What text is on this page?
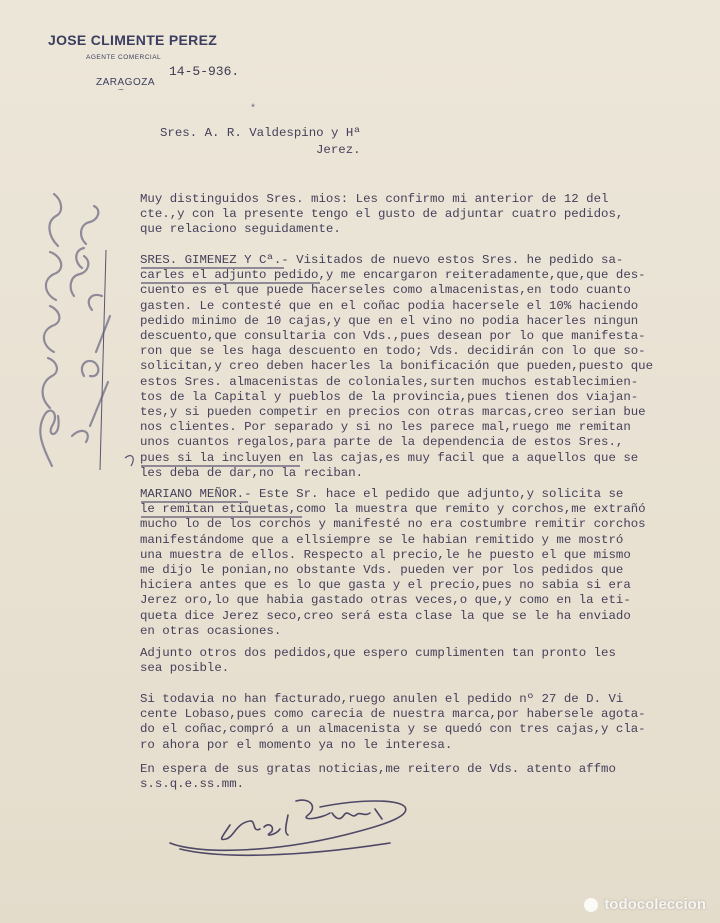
JOSE CLIMENTE PEREZ
AGENTE COMERCIAL
ZARAGOZA
14-5-936.
~
*
Sres. A. R. Valdespino y Hª
Jerez.
Muy distinguidos Sres. mios: Les confirmo mi anterior de 12 del
cte.,y con la presente tengo el gusto de adjuntar cuatro pedidos,
que relaciono seguidamente.
SRES. GIMENEZ Y Cª.- Visitados de nuevo estos Sres. he pedido sa-
carles el adjunto pedido,y me encargaron reiteradamente,que,que des-
cuento es el que puede hacerseles como almacenistas,en todo cuanto
gasten. Le contesté que en el coñac podia hacersele el 10% haciendo
pedido minimo de 10 cajas,y que en el vino no podia hacerles ningun
descuento,que consultaria con Vds.,pues desean por lo que manifesta-
ron que se les haga descuento en todo; Vds. decidirán con lo que so-
solicitan,y creo deben hacerles la bonificación que pueden,puesto que
estos Sres. almacenistas de coloniales,surten muchos establecimien-
tos de la Capital y pueblos de la provincia,pues tienen dos viajan-
tes,y si pueden competir en precios con otras marcas,creo serian bue
nos clientes. Por separado y si no les parece mal,ruego me remitan
unos cuantos regalos,para parte de la dependencia de estos Sres.,
pues si la incluyen en las cajas,es muy facil que a aquellos que se
les deba de dar,no la reciban.
MARIANO MEÑOR.- Este Sr. hace el pedido que adjunto,y solicita se
le remitan etiquetas,como la muestra que remito y corchos,me extrañó
mucho lo de los corchos y manifesté no era costumbre remitir corchos
manifestándome que a ellsiempre se le habian remitido y me mostró
una muestra de ellos. Respecto al precio,le he puesto el que mismo
me dijo le ponian,no obstante Vds. pueden ver por los pedidos que
hiciera antes que es lo que gasta y el precio,pues no sabia si era
Jerez oro,lo que habia gastado otras veces,o que,y como en la eti-
queta dice Jerez seco,creo será esta clase la que se le ha enviado
en otras ocasiones.
Adjunto otros dos pedidos,que espero cumplimenten tan pronto les
sea posible.
Si todavia no han facturado,ruego anulen el pedido nº 27 de D. Vi
cente Lobaso,pues como carecia de nuestra marca,por habersele agota-
do el coñac,compró a un almacenista y se quedó con tres cajas,y cla-
ro ahora por el momento ya no le interesa.
En espera de sus gratas noticias,me reitero de Vds. atento affmo
s.s.q.e.ss.mm.
todocoleccion
